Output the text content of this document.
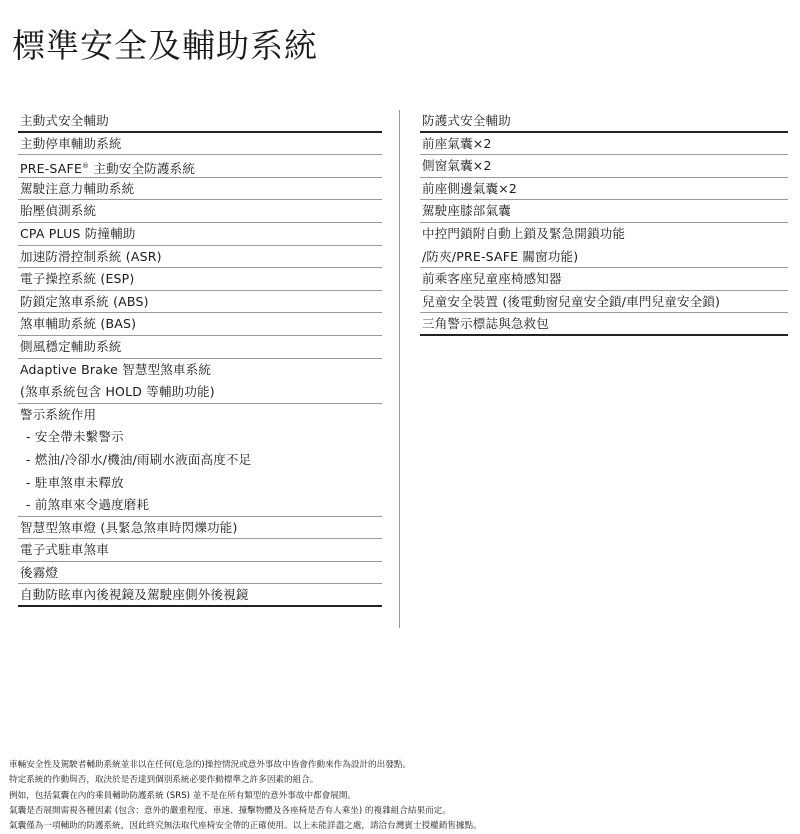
標準安全及輔助系統
主動式安全輔助
主動停車輔助系統
PRE-SAFE® 主動安全防護系統
駕駛注意力輔助系統
胎壓偵測系統
CPA PLUS 防撞輔助
加速防滑控制系統 (ASR)
電子操控系統 (ESP)
防鎖定煞車系統 (ABS)
煞車輔助系統 (BAS)
側風穩定輔助系統
Adaptive Brake 智慧型煞車系統
(煞車系統包含 HOLD 等輔助功能)
警示系統作用
- 安全帶未繫警示
- 燃油/冷卻水/機油/雨刷水液面高度不足
- 駐車煞車未釋放
- 前煞車來令過度磨耗
智慧型煞車燈 (具緊急煞車時閃爍功能)
電子式駐車煞車
後霧燈
自動防眩車內後視鏡及駕駛座側外後視鏡
防護式安全輔助
前座氣囊×2
側窗氣囊×2
前座側邊氣囊×2
駕駛座膝部氣囊
中控門鎖附自動上鎖及緊急開鎖功能
/防夾/PRE-SAFE 關窗功能)
前乘客座兒童座椅感知器
兒童安全裝置 (後電動窗兒童安全鎖/車門兒童安全鎖)
三角警示標誌與急救包
車輛安全性及駕駛者輔助系統並非以在任何(危急的)操控情況或意外事故中皆會作動來作為設計的出發點。
特定系統的作動與否，取決於是否達到個別系統必要作動標準之許多因素的組合。
例如，包括氣囊在內的乘員輔助防護系統 (SRS) 並不是在所有類型的意外事故中都會展開。
氣囊是否展開需視各種因素 (包含：意外的嚴重程度、車速、撞擊物體及各座椅是否有人乘坐) 的複雜組合結果而定。
氣囊僅為一項輔助的防護系統，因此終究無法取代座椅安全帶的正確使用。以上未能詳盡之處，請洽台灣賓士授權銷售據點。
